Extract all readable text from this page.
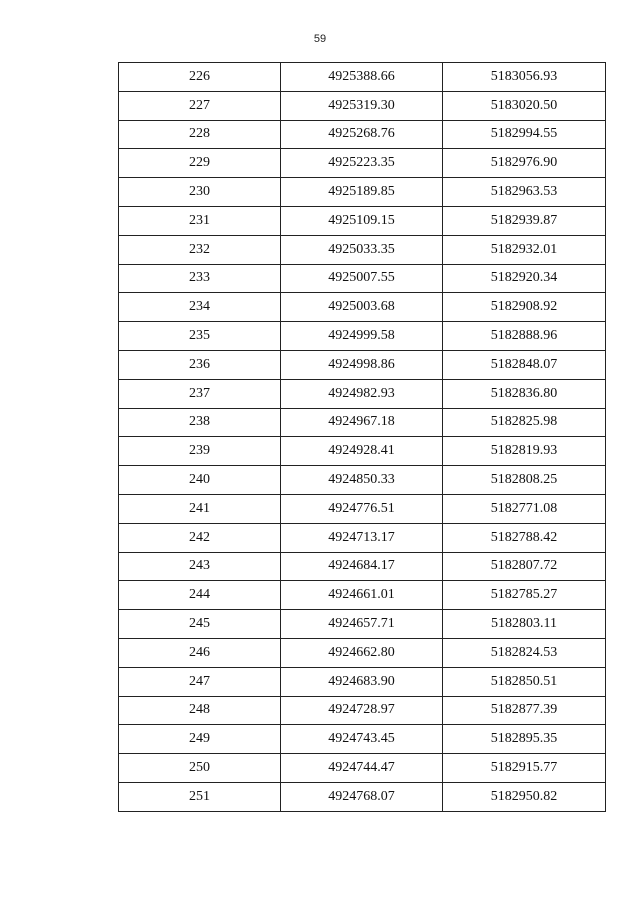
59
226	4925388.66	5183056.93
227	4925319.30	5183020.50
228	4925268.76	5182994.55
229	4925223.35	5182976.90
230	4925189.85	5182963.53
231	4925109.15	5182939.87
232	4925033.35	5182932.01
233	4925007.55	5182920.34
234	4925003.68	5182908.92
235	4924999.58	5182888.96
236	4924998.86	5182848.07
237	4924982.93	5182836.80
238	4924967.18	5182825.98
239	4924928.41	5182819.93
240	4924850.33	5182808.25
241	4924776.51	5182771.08
242	4924713.17	5182788.42
243	4924684.17	5182807.72
244	4924661.01	5182785.27
245	4924657.71	5182803.11
246	4924662.80	5182824.53
247	4924683.90	5182850.51
248	4924728.97	5182877.39
249	4924743.45	5182895.35
250	4924744.47	5182915.77
251	4924768.07	5182950.82
